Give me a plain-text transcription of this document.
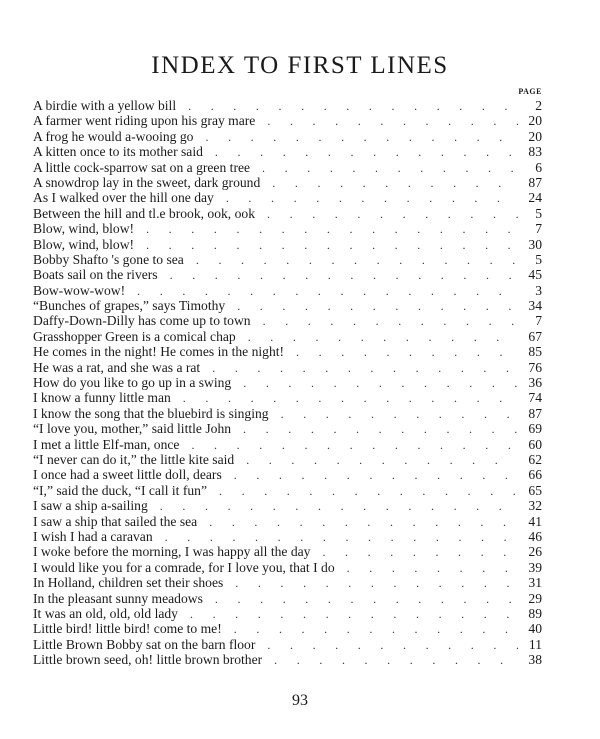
INDEX TO FIRST LINES
PAGE
A birdie with a yellow bill . . .	2
A farmer went riding upon his gray mare . . .	20
A frog he would a-wooing go . . .	20
A kitten once to its mother said . . .	83
A little cock-sparrow sat on a green tree . . .	6
A snowdrop lay in the sweet, dark ground . . .	87
As I walked over the hill one day . . .	24
Between the hill and tl.e brook, ook, ook . . .	5
Blow, wind, blow! . . .	7
Blow, wind, blow! . . .	30
Bobby Shafto 's gone to sea . . .	5
Boats sail on the rivers . . .	45
Bow-wow-wow! . . .	3
“Bunches of grapes,” says Timothy . . .	34
Daffy-Down-Dilly has come up to town . . .	7
Grasshopper Green is a comical chap . . .	67
He comes in the night! He comes in the night! . . .	85
He was a rat, and she was a rat . . .	76
How do you like to go up in a swing . . .	36
I know a funny little man . . .	74
I know the song that the bluebird is singing . . .	87
“I love you, mother,” said little John . . .	69
I met a little Elf-man, once . . .	60
“I never can do it,” the little kite said . . .	62
I once had a sweet little doll, dears . . .	66
“I,” said the duck, “I call it fun” . . .	65
I saw a ship a-sailing . . .	32
I saw a ship that sailed the sea . . .	41
I wish I had a caravan . . .	46
I woke before the morning, I was happy all the day . . .	26
I would like you for a comrade, for I love you, that I do . . .	39
In Holland, children set their shoes . . .	31
In the pleasant sunny meadows . . .	29
It was an old, old, old lady . . .	89
Little bird! little bird! come to me! . . .	40
Little Brown Bobby sat on the barn floor . . .	11
Little brown seed, oh! little brown brother . . .	38
93
